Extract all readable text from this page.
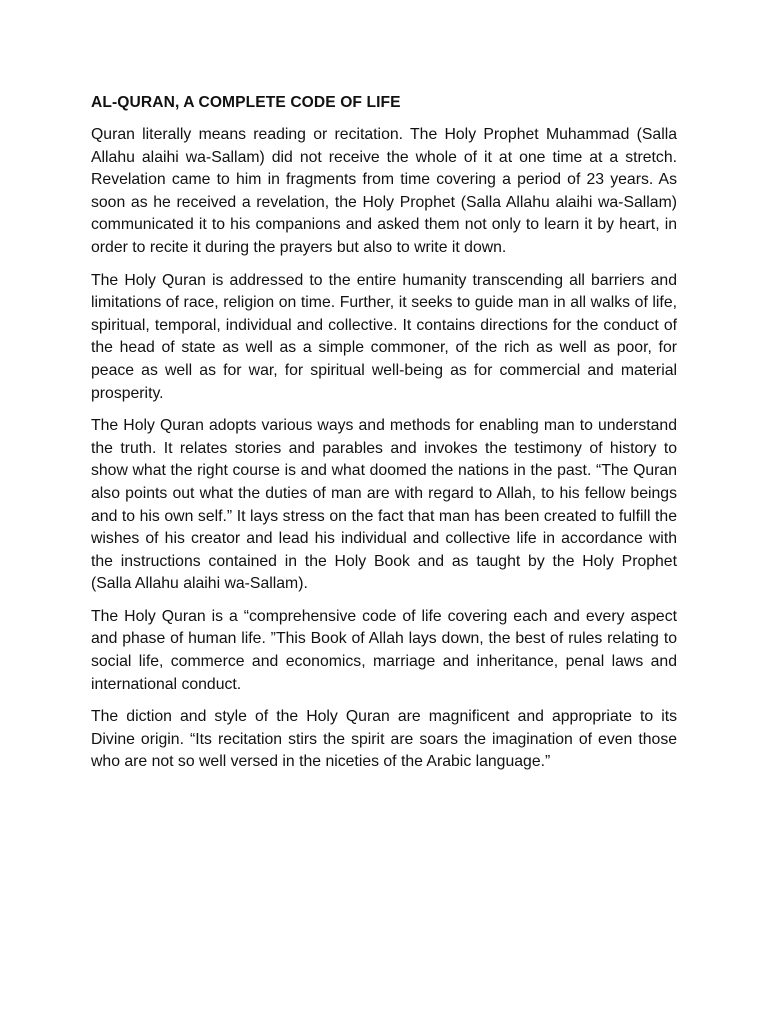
AL-QURAN, A COMPLETE CODE OF LIFE

Quran literally means reading or recitation. The Holy Prophet Muhammad (Salla Allahu alaihi wa-Sallam) did not receive the whole of it at one time at a stretch. Revelation came to him in fragments from time covering a period of 23 years. As soon as he received a revelation, the Holy Prophet (Salla Allahu alaihi wa-Sallam) communicated it to his companions and asked them not only to learn it by heart, in order to recite it during the prayers but also to write it down.

The Holy Quran is addressed to the entire humanity transcending all barriers and limitations of race, religion on time. Further, it seeks to guide man in all walks of life, spiritual, temporal, individual and collective. It contains directions for the conduct of the head of state as well as a simple commoner, of the rich as well as poor, for peace as well as for war, for spiritual well-being as for commercial and material prosperity.

The Holy Quran adopts various ways and methods for enabling man to understand the truth. It relates stories and parables and invokes the testimony of history to show what the right course is and what doomed the nations in the past. “The Quran also points out what the duties of man are with regard to Allah, to his fellow beings and to his own self.” It lays stress on the fact that man has been created to fulfill the wishes of his creator and lead his individual and collective life in accordance with the instructions contained in the Holy Book and as taught by the Holy Prophet (Salla Allahu alaihi wa-Sallam).

The Holy Quran is a “comprehensive code of life covering each and every aspect and phase of human life. ”This Book of Allah lays down, the best of rules relating to social life, commerce and economics, marriage and inheritance, penal laws and international conduct.

The diction and style of the Holy Quran are magnificent and appropriate to its Divine origin. “Its recitation stirs the spirit are soars the imagination of even those who are not so well versed in the niceties of the Arabic language.”
